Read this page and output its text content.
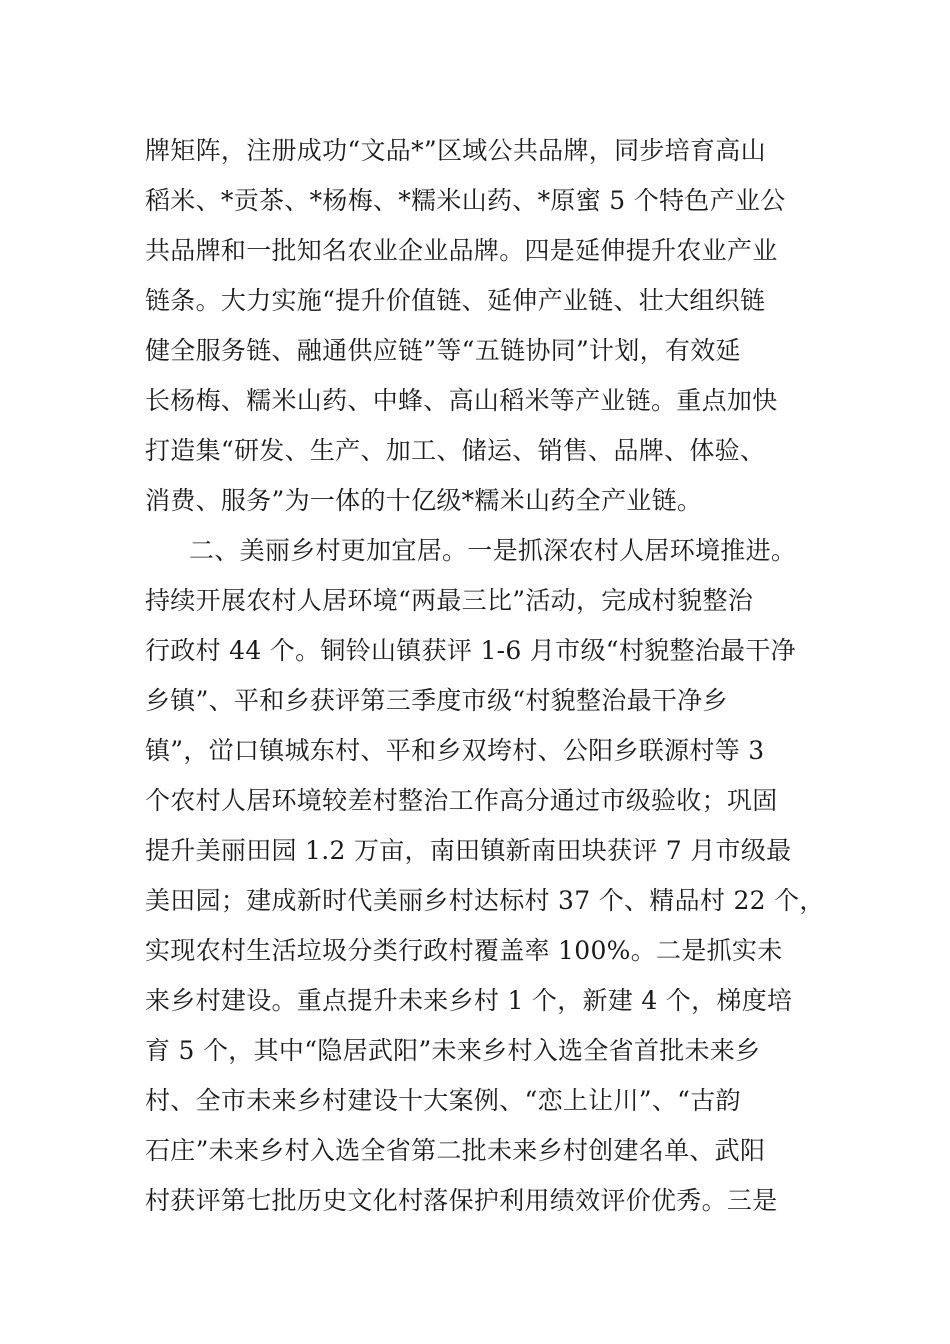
牌矩阵，注册成功“文品*”区域公共品牌，同步培育高山
稻米、*贡茶、*杨梅、*糯米山药、*原蜜 5 个特色产业公
共品牌和一批知名农业企业品牌。四是延伸提升农业产业
链条。大力实施“提升价值链、延伸产业链、壮大组织链
健全服务链、融通供应链”等“五链协同”计划，有效延
长杨梅、糯米山药、中蜂、高山稻米等产业链。重点加快
打造集“研发、生产、加工、储运、销售、品牌、体验、
消费、服务”为一体的十亿级*糯米山药全产业链。
二、美丽乡村更加宜居。一是抓深农村人居环境推进。
持续开展农村人居环境“两最三比”活动，完成村貌整治
行政村 44 个。铜铃山镇获评 1-6 月市级“村貌整治最干净
乡镇”、平和乡获评第三季度市级“村貌整治最干净乡
镇”，峃口镇城东村、平和乡双垮村、公阳乡联源村等 3
个农村人居环境较差村整治工作高分通过市级验收；巩固
提升美丽田园 1.2 万亩，南田镇新南田块获评 7 月市级最
美田园；建成新时代美丽乡村达标村 37 个、精品村 22 个，
实现农村生活垃圾分类行政村覆盖率 100%。二是抓实未
来乡村建设。重点提升未来乡村 1 个，新建 4 个，梯度培
育 5 个，其中“隐居武阳”未来乡村入选全省首批未来乡
村、全市未来乡村建设十大案例、“恋上让川”、“古韵
石庄”未来乡村入选全省第二批未来乡村创建名单、武阳
村获评第七批历史文化村落保护利用绩效评价优秀。三是
